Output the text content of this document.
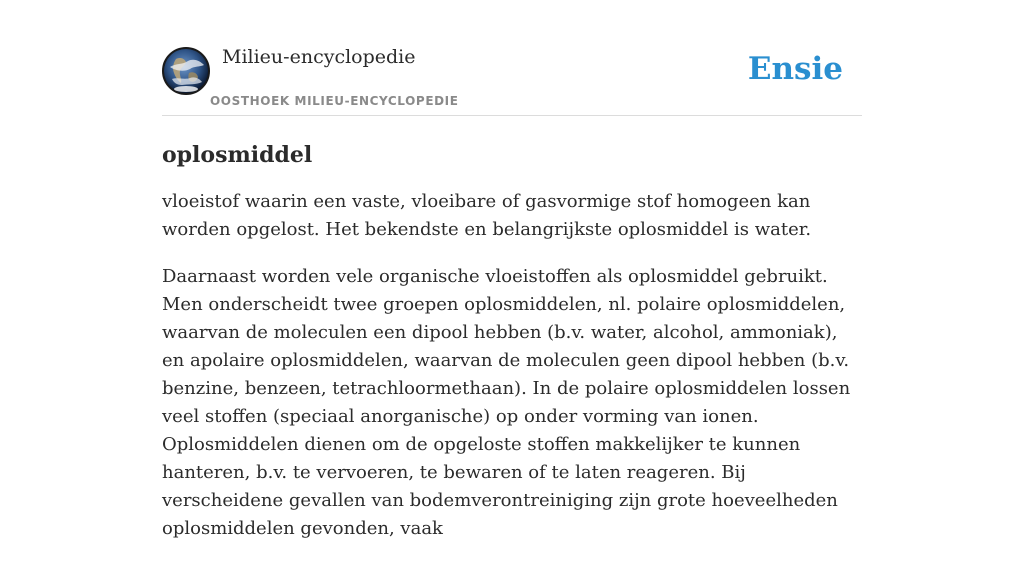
Milieu-encyclopedie
OOSTHOEK MILIEU-ENCYCLOPEDIE
Ensie
oplosmiddel

vloeistof waarin een vaste, vloeibare of gasvormige stof homogeen kan worden opgelost. Het bekendste en belangrijkste oplosmiddel is water.

Daarnaast worden vele organische vloeistoffen als oplosmiddel gebruikt. Men onderscheidt twee groepen oplosmiddelen, nl. polaire oplosmiddelen, waarvan de moleculen een dipool hebben (b.v. water, alcohol, ammoniak), en apolaire oplosmiddelen, waarvan de moleculen geen dipool hebben (b.v. benzine, benzeen, tetrachloormethaan). In de polaire oplosmiddelen lossen veel stoffen (speciaal anorganische) op onder vorming van ionen. Oplosmiddelen dienen om de opgeloste stoffen makkelijker te kunnen hanteren, b.v. te vervoeren, te bewaren of te laten reageren. Bij verscheidene gevallen van bodemverontreiniging zijn grote hoeveelheden oplosmiddelen gevonden, vaak
